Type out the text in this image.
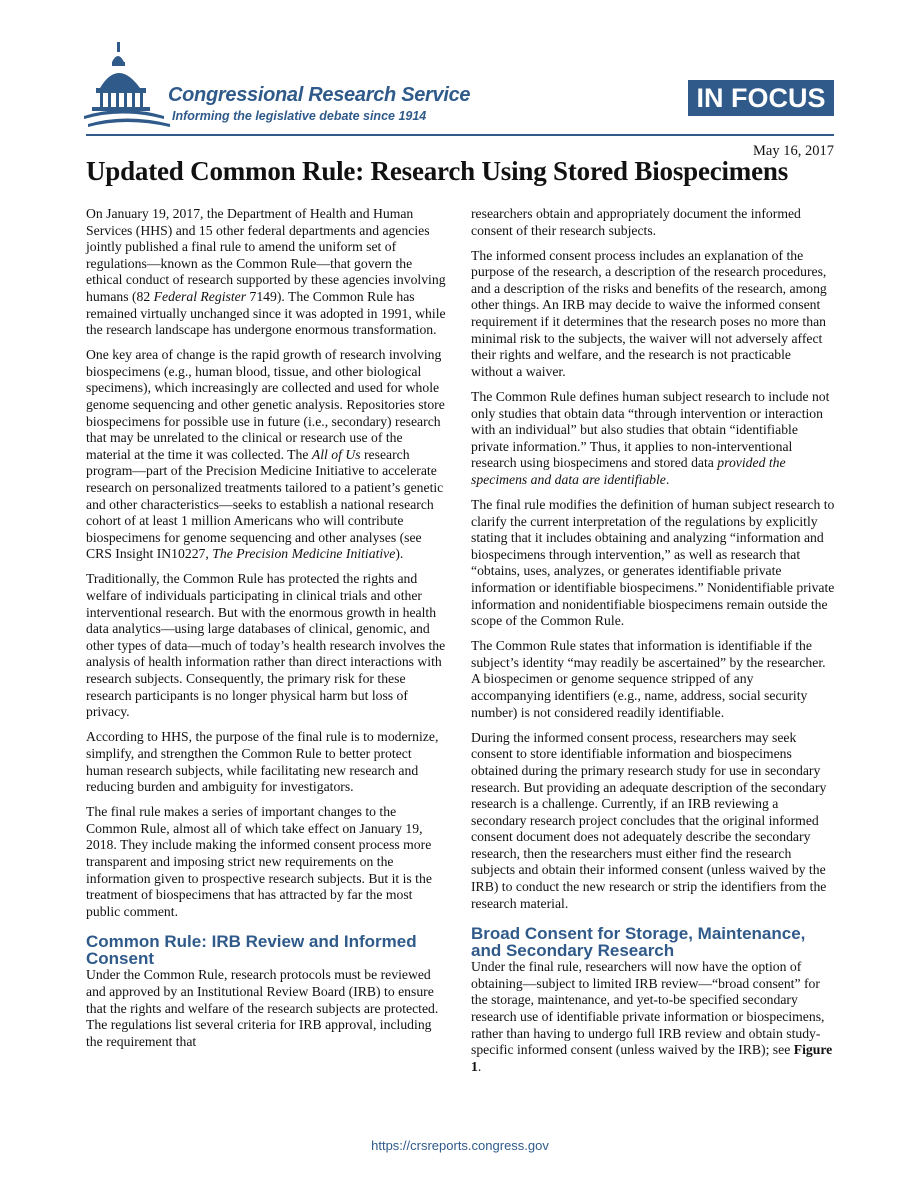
Congressional Research Service
Informing the legislative debate since 1914
IN FOCUS
May 16, 2017
Updated Common Rule: Research Using Stored Biospecimens

On January 19, 2017, the Department of Health and Human Services (HHS) and 15 other federal departments and agencies jointly published a final rule to amend the uniform set of regulations—known as the Common Rule—that govern the ethical conduct of research supported by these agencies involving humans (82 Federal Register 7149). The Common Rule has remained virtually unchanged since it was adopted in 1991, while the research landscape has undergone enormous transformation.

One key area of change is the rapid growth of research involving biospecimens (e.g., human blood, tissue, and other biological specimens), which increasingly are collected and used for whole genome sequencing and other genetic analysis. Repositories store biospecimens for possible use in future (i.e., secondary) research that may be unrelated to the clinical or research use of the material at the time it was collected. The All of Us research program—part of the Precision Medicine Initiative to accelerate research on personalized treatments tailored to a patient’s genetic and other characteristics—seeks to establish a national research cohort of at least 1 million Americans who will contribute biospecimens for genome sequencing and other analyses (see CRS Insight IN10227, The Precision Medicine Initiative).

Traditionally, the Common Rule has protected the rights and welfare of individuals participating in clinical trials and other interventional research. But with the enormous growth in health data analytics—using large databases of clinical, genomic, and other types of data—much of today’s health research involves the analysis of health information rather than direct interactions with research subjects. Consequently, the primary risk for these research participants is no longer physical harm but loss of privacy.

According to HHS, the purpose of the final rule is to modernize, simplify, and strengthen the Common Rule to better protect human research subjects, while facilitating new research and reducing burden and ambiguity for investigators.

The final rule makes a series of important changes to the Common Rule, almost all of which take effect on January 19, 2018. They include making the informed consent process more transparent and imposing strict new requirements on the information given to prospective research subjects. But it is the treatment of biospecimens that has attracted by far the most public comment.

Common Rule: IRB Review and Informed Consent

Under the Common Rule, research protocols must be reviewed and approved by an Institutional Review Board (IRB) to ensure that the rights and welfare of the research subjects are protected. The regulations list several criteria for IRB approval, including the requirement that

researchers obtain and appropriately document the informed consent of their research subjects.

The informed consent process includes an explanation of the purpose of the research, a description of the research procedures, and a description of the risks and benefits of the research, among other things. An IRB may decide to waive the informed consent requirement if it determines that the research poses no more than minimal risk to the subjects, the waiver will not adversely affect their rights and welfare, and the research is not practicable without a waiver.

The Common Rule defines human subject research to include not only studies that obtain data “through intervention or interaction with an individual” but also studies that obtain “identifiable private information.” Thus, it applies to non-interventional research using biospecimens and stored data provided the specimens and data are identifiable.

The final rule modifies the definition of human subject research to clarify the current interpretation of the regulations by explicitly stating that it includes obtaining and analyzing “information and biospecimens through intervention,” as well as research that “obtains, uses, analyzes, or generates identifiable private information or identifiable biospecimens.” Nonidentifiable private information and nonidentifiable biospecimens remain outside the scope of the Common Rule.

The Common Rule states that information is identifiable if the subject’s identity “may readily be ascertained” by the researcher. A biospecimen or genome sequence stripped of any accompanying identifiers (e.g., name, address, social security number) is not considered readily identifiable.

During the informed consent process, researchers may seek consent to store identifiable information and biospecimens obtained during the primary research study for use in secondary research. But providing an adequate description of the secondary research is a challenge. Currently, if an IRB reviewing a secondary research project concludes that the original informed consent document does not adequately describe the secondary research, then the researchers must either find the research subjects and obtain their informed consent (unless waived by the IRB) to conduct the new research or strip the identifiers from the research material.

Broad Consent for Storage, Maintenance, and Secondary Research

Under the final rule, researchers will now have the option of obtaining—subject to limited IRB review—“broad consent” for the storage, maintenance, and yet-to-be specified secondary research use of identifiable private information or biospecimens, rather than having to undergo full IRB review and obtain study-specific informed consent (unless waived by the IRB); see Figure 1.

https://crsreports.congress.gov
